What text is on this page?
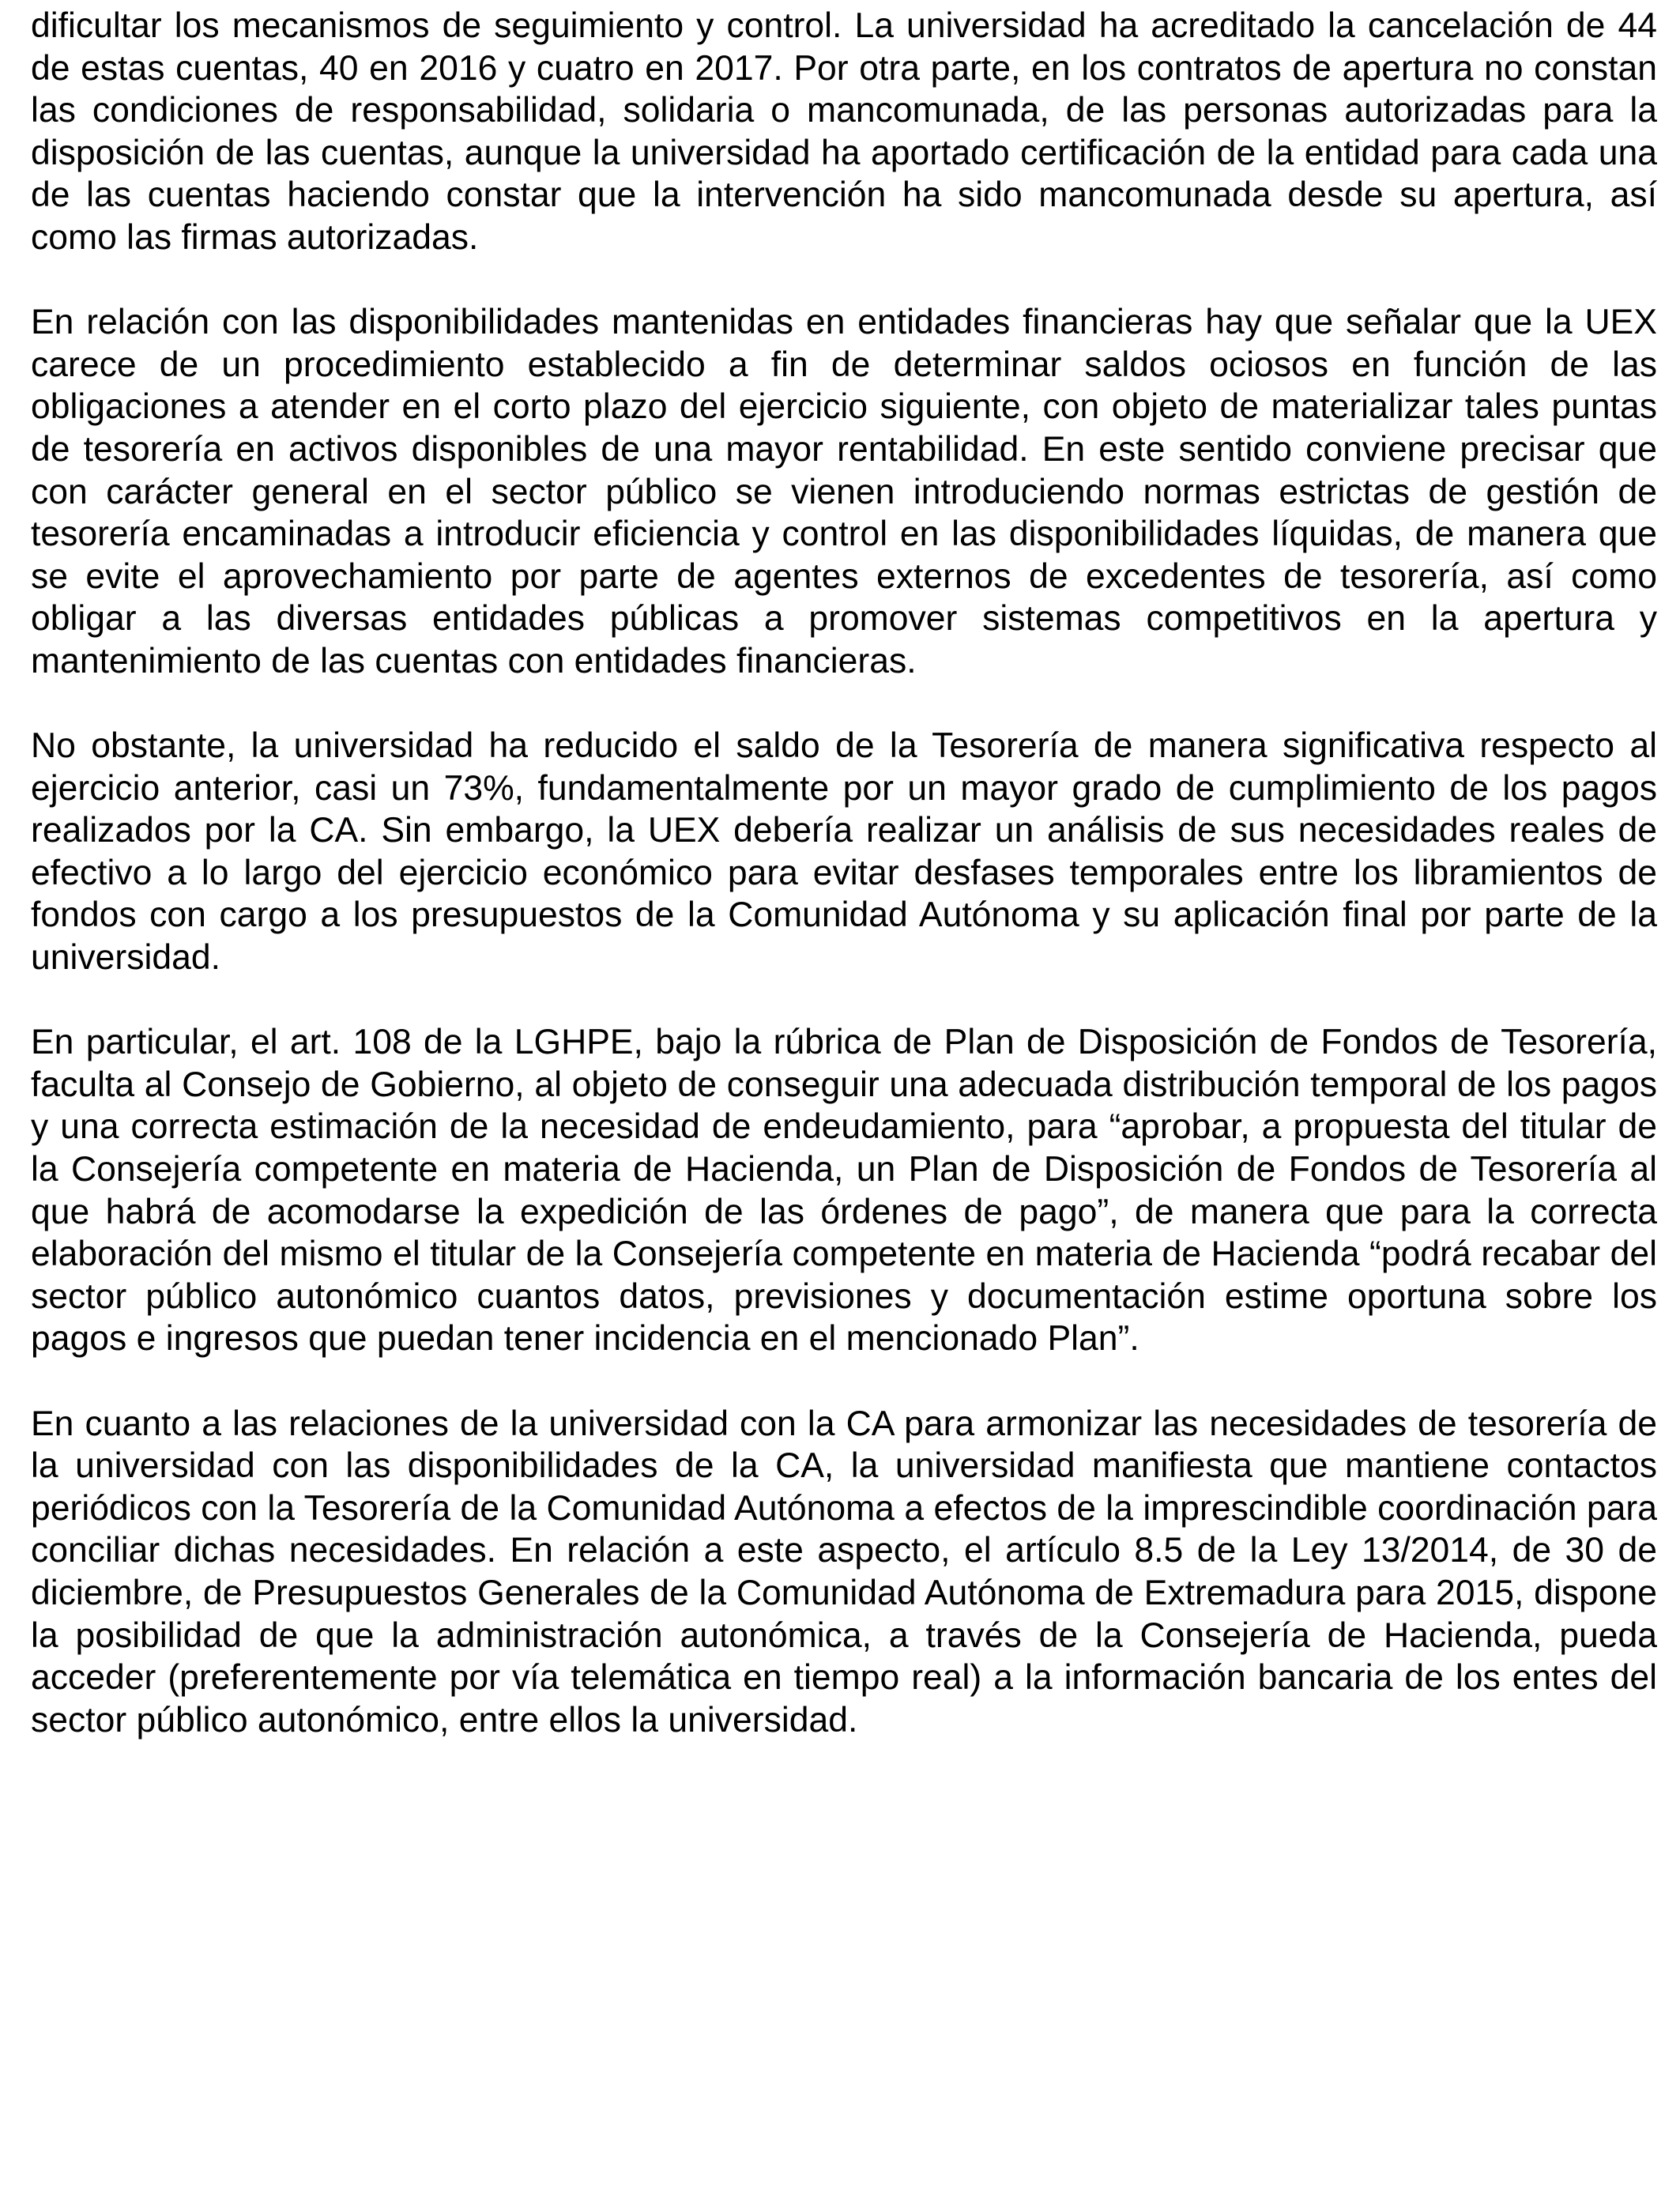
dificultar los mecanismos de seguimiento y control. La universidad ha acreditado la cancelación de 44 de estas cuentas, 40 en 2016 y cuatro en 2017. Por otra parte, en los contratos de apertura no constan las condiciones de responsabilidad, solidaria o mancomunada, de las personas autorizadas para la disposición de las cuentas, aunque la universidad ha aportado certificación de la entidad para cada una de las cuentas haciendo constar que la intervención ha sido mancomunada desde su apertura, así como las firmas autorizadas.

En relación con las disponibilidades mantenidas en entidades financieras hay que señalar que la UEX carece de un procedimiento establecido a fin de determinar saldos ociosos en función de las obligaciones a atender en el corto plazo del ejercicio siguiente, con objeto de materializar tales puntas de tesorería en activos disponibles de una mayor rentabilidad. En este sentido conviene precisar que con carácter general en el sector público se vienen introduciendo normas estrictas de gestión de tesorería encaminadas a introducir eficiencia y control en las disponibilidades líquidas, de manera que se evite el aprovechamiento por parte de agentes externos de excedentes de tesorería, así como obligar a las diversas entidades públicas a promover sistemas competitivos en la apertura y mantenimiento de las cuentas con entidades financieras.

No obstante, la universidad ha reducido el saldo de la Tesorería de manera significativa respecto al ejercicio anterior, casi un 73%, fundamentalmente por un mayor grado de cumplimiento de los pagos realizados por la CA. Sin embargo, la UEX debería realizar un análisis de sus necesidades reales de efectivo a lo largo del ejercicio económico para evitar desfases temporales entre los libramientos de fondos con cargo a los presupuestos de la Comunidad Autónoma y su aplicación final por parte de la universidad.

En particular, el art. 108 de la LGHPE, bajo la rúbrica de Plan de Disposición de Fondos de Tesorería, faculta al Consejo de Gobierno, al objeto de conseguir una adecuada distribución temporal de los pagos y una correcta estimación de la necesidad de endeudamiento, para “aprobar, a propuesta del titular de la Consejería competente en materia de Hacienda, un Plan de Disposición de Fondos de Tesorería al que habrá de acomodarse la expedición de las órdenes de pago”, de manera que para la correcta elaboración del mismo el titular de la Consejería competente en materia de Hacienda “podrá recabar del sector público autonómico cuantos datos, previsiones y documentación estime oportuna sobre los pagos e ingresos que puedan tener incidencia en el mencionado Plan”.

En cuanto a las relaciones de la universidad con la CA para armonizar las necesidades de tesorería de la universidad con las disponibilidades de la CA, la universidad manifiesta que mantiene contactos periódicos con la Tesorería de la Comunidad Autónoma a efectos de la imprescindible coordinación para conciliar dichas necesidades. En relación a este aspecto, el artículo 8.5 de la Ley 13/2014, de 30 de diciembre, de Presupuestos Generales de la Comunidad Autónoma de Extremadura para 2015, dispone la posibilidad de que la administración autonómica, a través de la Consejería de Hacienda, pueda acceder (preferentemente por vía telemática en tiempo real) a la información bancaria de los entes del sector público autonómico, entre ellos la universidad.
